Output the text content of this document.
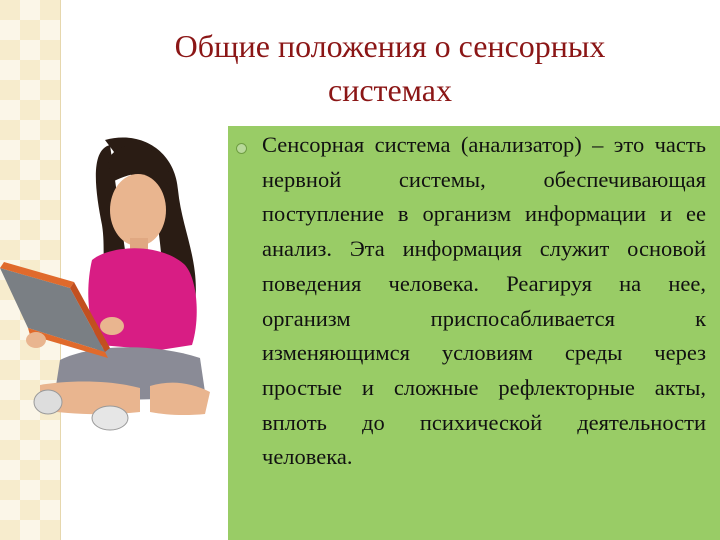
Общие положения о сенсорных
системах

Сенсорная система (анализатор) – это часть нервной системы, обеспечивающая поступление в организм информации и ее анализ. Эта информация служит основой поведения человека. Реагируя на нее, организм приспосабливается к изменяющимся условиям среды через простые и сложные рефлекторные акты, вплоть до психической деятельности человека.
